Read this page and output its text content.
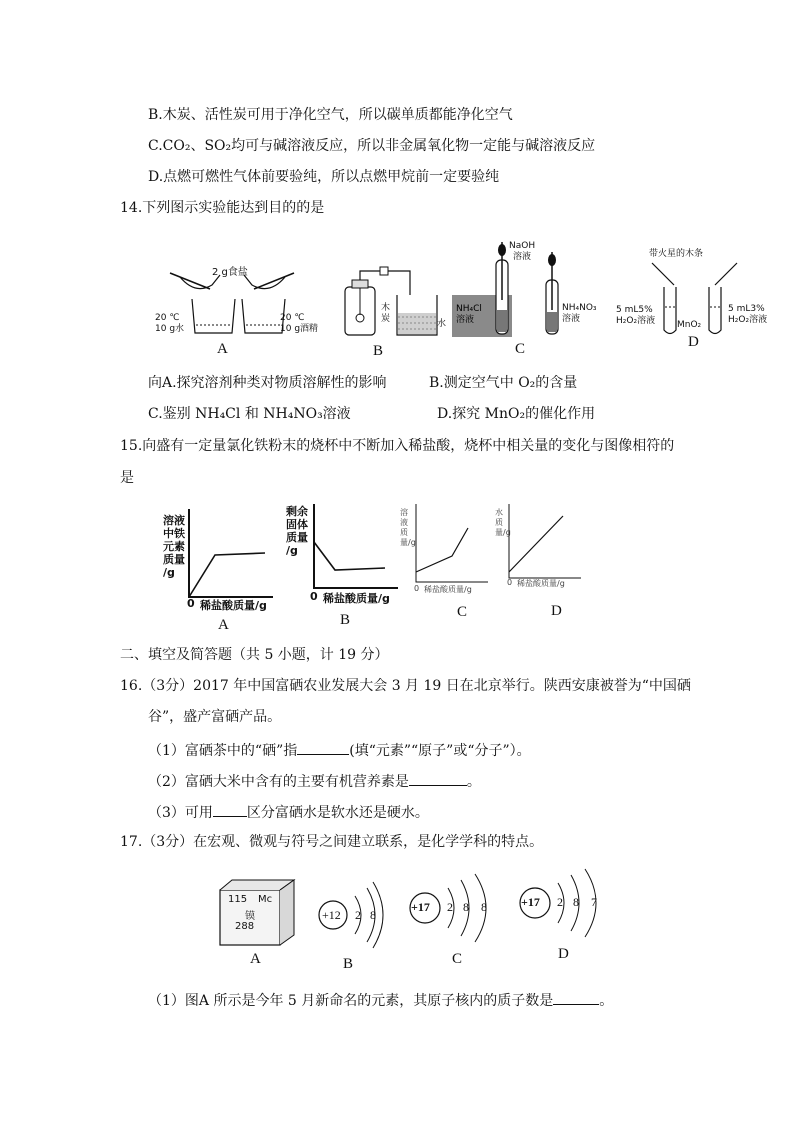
B.木炭、活性炭可用于净化空气，所以碳单质都能净化空气
C.CO₂、SO₂均可与碱溶液反应，所以非金属氧化物一定能与碱溶液反应
D.点燃可燃性气体前要验纯，所以点燃甲烷前一定要验纯
14.下列图示实验能达到目的的是
2 g食盐
20 ℃
10 g水
20 ℃
10 g酒精
A
木
炭	水
B
NaOH
溶液
NH₄Cl
溶液
NH₄NO₃
溶液
C
带火星的木条
5 mL5%
H₂O₂溶液 MnO₂
5 mL3%
H₂O₂溶液
D
向A.探究溶剂种类对物质溶解性的影响	B.测定空气中 O₂的含量
C.鉴别 NH₄Cl 和 NH₄NO₃溶液	D.探究 MnO₂的催化作用
15.向盛有一定量氯化铁粉末的烧杯中不断加入稀盐酸，烧杯中相关量的变化与图像相符的
是
溶液
中铁
元素
质量
/g
0 稀盐酸质量/g
A
剩余
固体
质量
/g
0 稀盐酸质量/g
B
溶液质量/g
0 稀盐酸质量/g
C
水质量/g
0 稀盐酸质量/g
D
二、填空及简答题（共 5 小题，计 19 分）
16.（3分）2017 年中国富硒农业发展大会 3 月 19 日在北京举行。陕西安康被誉为“中国硒
谷”，盛产富硒产品。
（1）富硒茶中的“硒”指	(填“元素”“原子”或“分子”）。
（2）富硒大米中含有的主要有机营养素是	。
（3）可用 区分富硒水是软水还是硬水。
17.（3分）在宏观、微观与符号之间建立联系，是化学学科的特点。
115 Mc
镆
288
A
+12 2 8
B
+17 2 8 8
C
+17 2 8 7
D
（1）图A 所示是今年 5 月新命名的元素，其原子核内的质子数是	。
